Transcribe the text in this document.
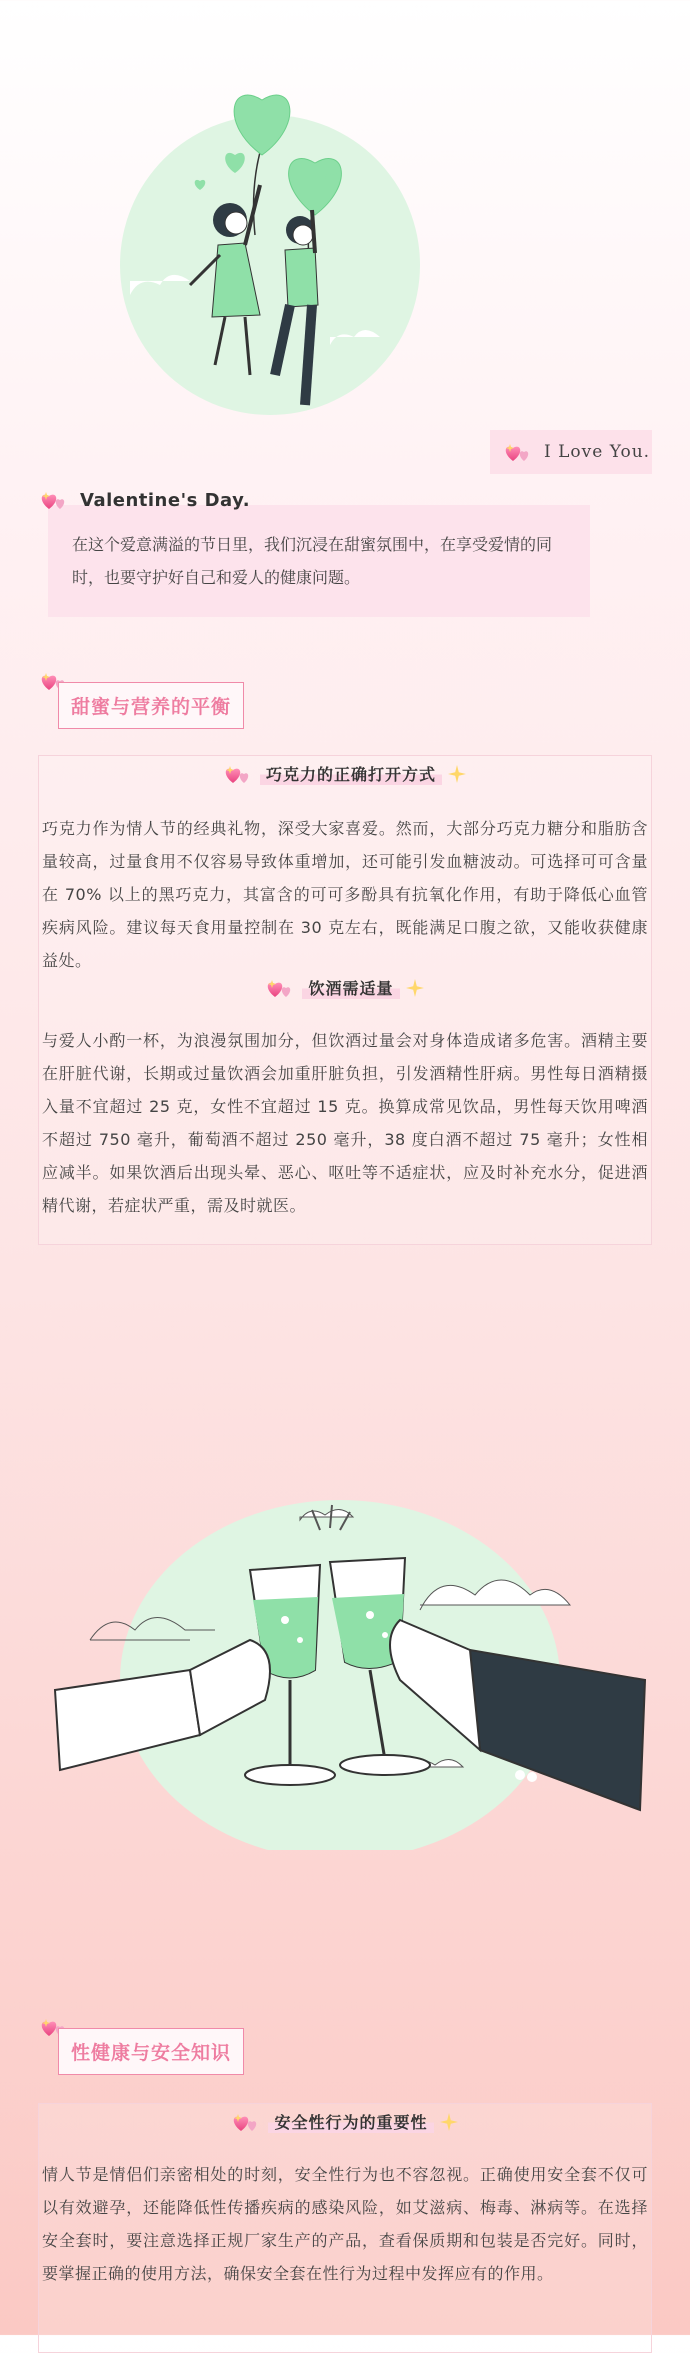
I Love You.
在这个爱意满溢的节日里，我们沉浸在甜蜜氛围中，在享受爱情的同时，也要守护好自己和爱人的健康问题。
Valentine's Day.
甜蜜与营养的平衡
巧克力的正确打开方式
巧克力作为情人节的经典礼物，深受大家喜爱。然而，大部分巧克力糖分和脂肪含量较高，过量食用不仅容易导致体重增加，还可能引发血糖波动。可选择可可含量在 70% 以上的黑巧克力，其富含的可可多酚具有抗氧化作用，有助于降低心血管疾病风险。建议每天食用量控制在 30 克左右，既能满足口腹之欲，又能收获健康益处。
饮酒需适量
与爱人小酌一杯，为浪漫氛围加分，但饮酒过量会对身体造成诸多危害。酒精主要在肝脏代谢，长期或过量饮酒会加重肝脏负担，引发酒精性肝病。男性每日酒精摄入量不宜超过 25 克，女性不宜超过 15 克。换算成常见饮品，男性每天饮用啤酒不超过 750 毫升，葡萄酒不超过 250 毫升，38 度白酒不超过 75 毫升；女性相应减半。如果饮酒后出现头晕、恶心、呕吐等不适症状，应及时补充水分，促进酒精代谢，若症状严重，需及时就医。
性健康与安全知识
安全性行为的重要性
情人节是情侣们亲密相处的时刻，安全性行为也不容忽视。正确使用安全套不仅可以有效避孕，还能降低性传播疾病的感染风险，如艾滋病、梅毒、淋病等。在选择安全套时，要注意选择正规厂家生产的产品，查看保质期和包装是否完好。同时，要掌握正确的使用方法，确保安全套在性行为过程中发挥应有的作用。
